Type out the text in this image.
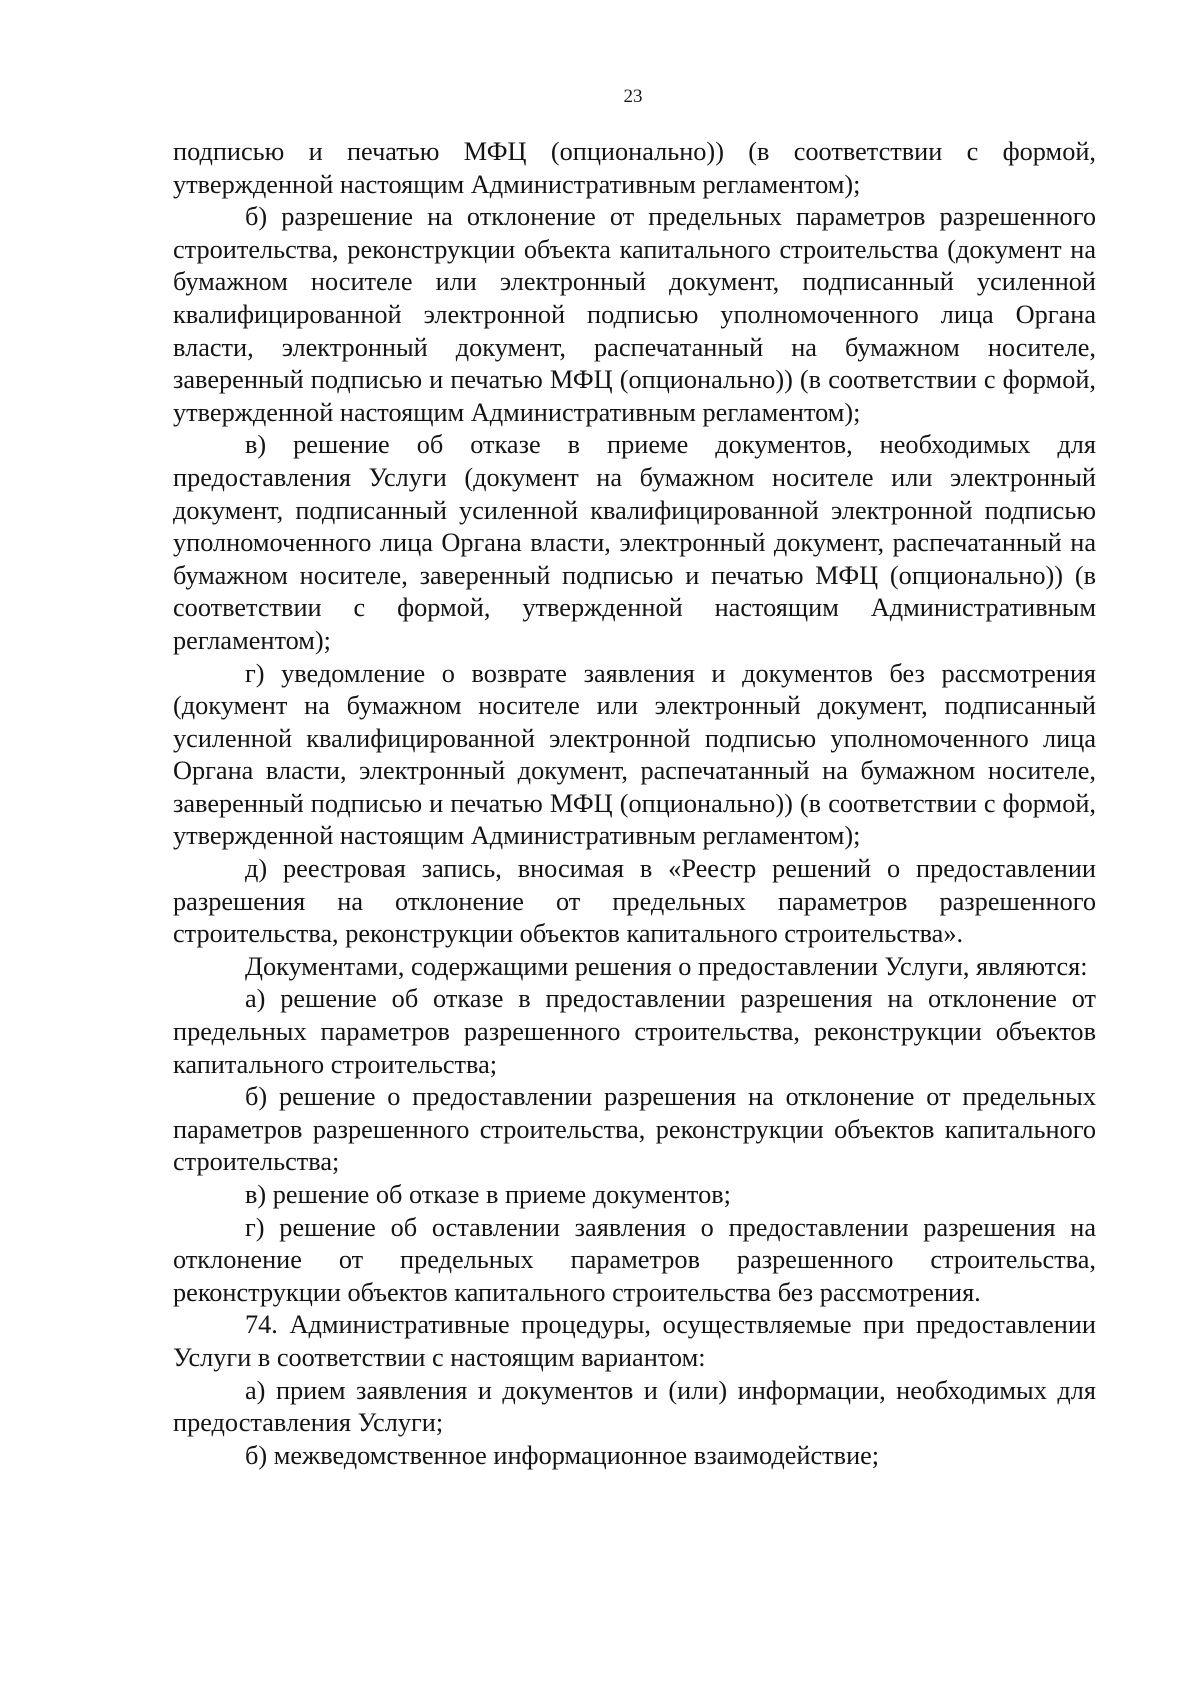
23

подписью и печатью МФЦ (опционально)) (в соответствии с формой, утвержденной настоящим Административным регламентом);

б) разрешение на отклонение от предельных параметров разрешенного строительства, реконструкции объекта капитального строительства (документ на бумажном носителе или электронный документ, подписанный усиленной квалифицированной электронной подписью уполномоченного лица Органа власти, электронный документ, распечатанный на бумажном носителе, заверенный подписью и печатью МФЦ (опционально)) (в соответствии с формой, утвержденной настоящим Административным регламентом);

в) решение об отказе в приеме документов, необходимых для предоставления Услуги (документ на бумажном носителе или электронный документ, подписанный усиленной квалифицированной электронной подписью уполномоченного лица Органа власти, электронный документ, распечатанный на бумажном носителе, заверенный подписью и печатью МФЦ (опционально)) (в соответствии с формой, утвержденной настоящим Административным регламентом);

г) уведомление о возврате заявления и документов без рассмотрения (документ на бумажном носителе или электронный документ, подписанный усиленной квалифицированной электронной подписью уполномоченного лица Органа власти, электронный документ, распечатанный на бумажном носителе, заверенный подписью и печатью МФЦ (опционально)) (в соответствии с формой, утвержденной настоящим Административным регламентом);

д) реестровая запись, вносимая в «Реестр решений о предоставлении разрешения на отклонение от предельных параметров разрешенного строительства, реконструкции объектов капитального строительства».

Документами, содержащими решения о предоставлении Услуги, являются:

а) решение об отказе в предоставлении разрешения на отклонение от предельных параметров разрешенного строительства, реконструкции объектов капитального строительства;

б) решение о предоставлении разрешения на отклонение от предельных параметров разрешенного строительства, реконструкции объектов капитального строительства;

в) решение об отказе в приеме документов;

г) решение об оставлении заявления о предоставлении разрешения на отклонение от предельных параметров разрешенного строительства, реконструкции объектов капитального строительства без рассмотрения.

74. Административные процедуры, осуществляемые при предоставлении Услуги в соответствии с настоящим вариантом:

а) прием заявления и документов и (или) информации, необходимых для предоставления Услуги;

б) межведомственное информационное взаимодействие;
